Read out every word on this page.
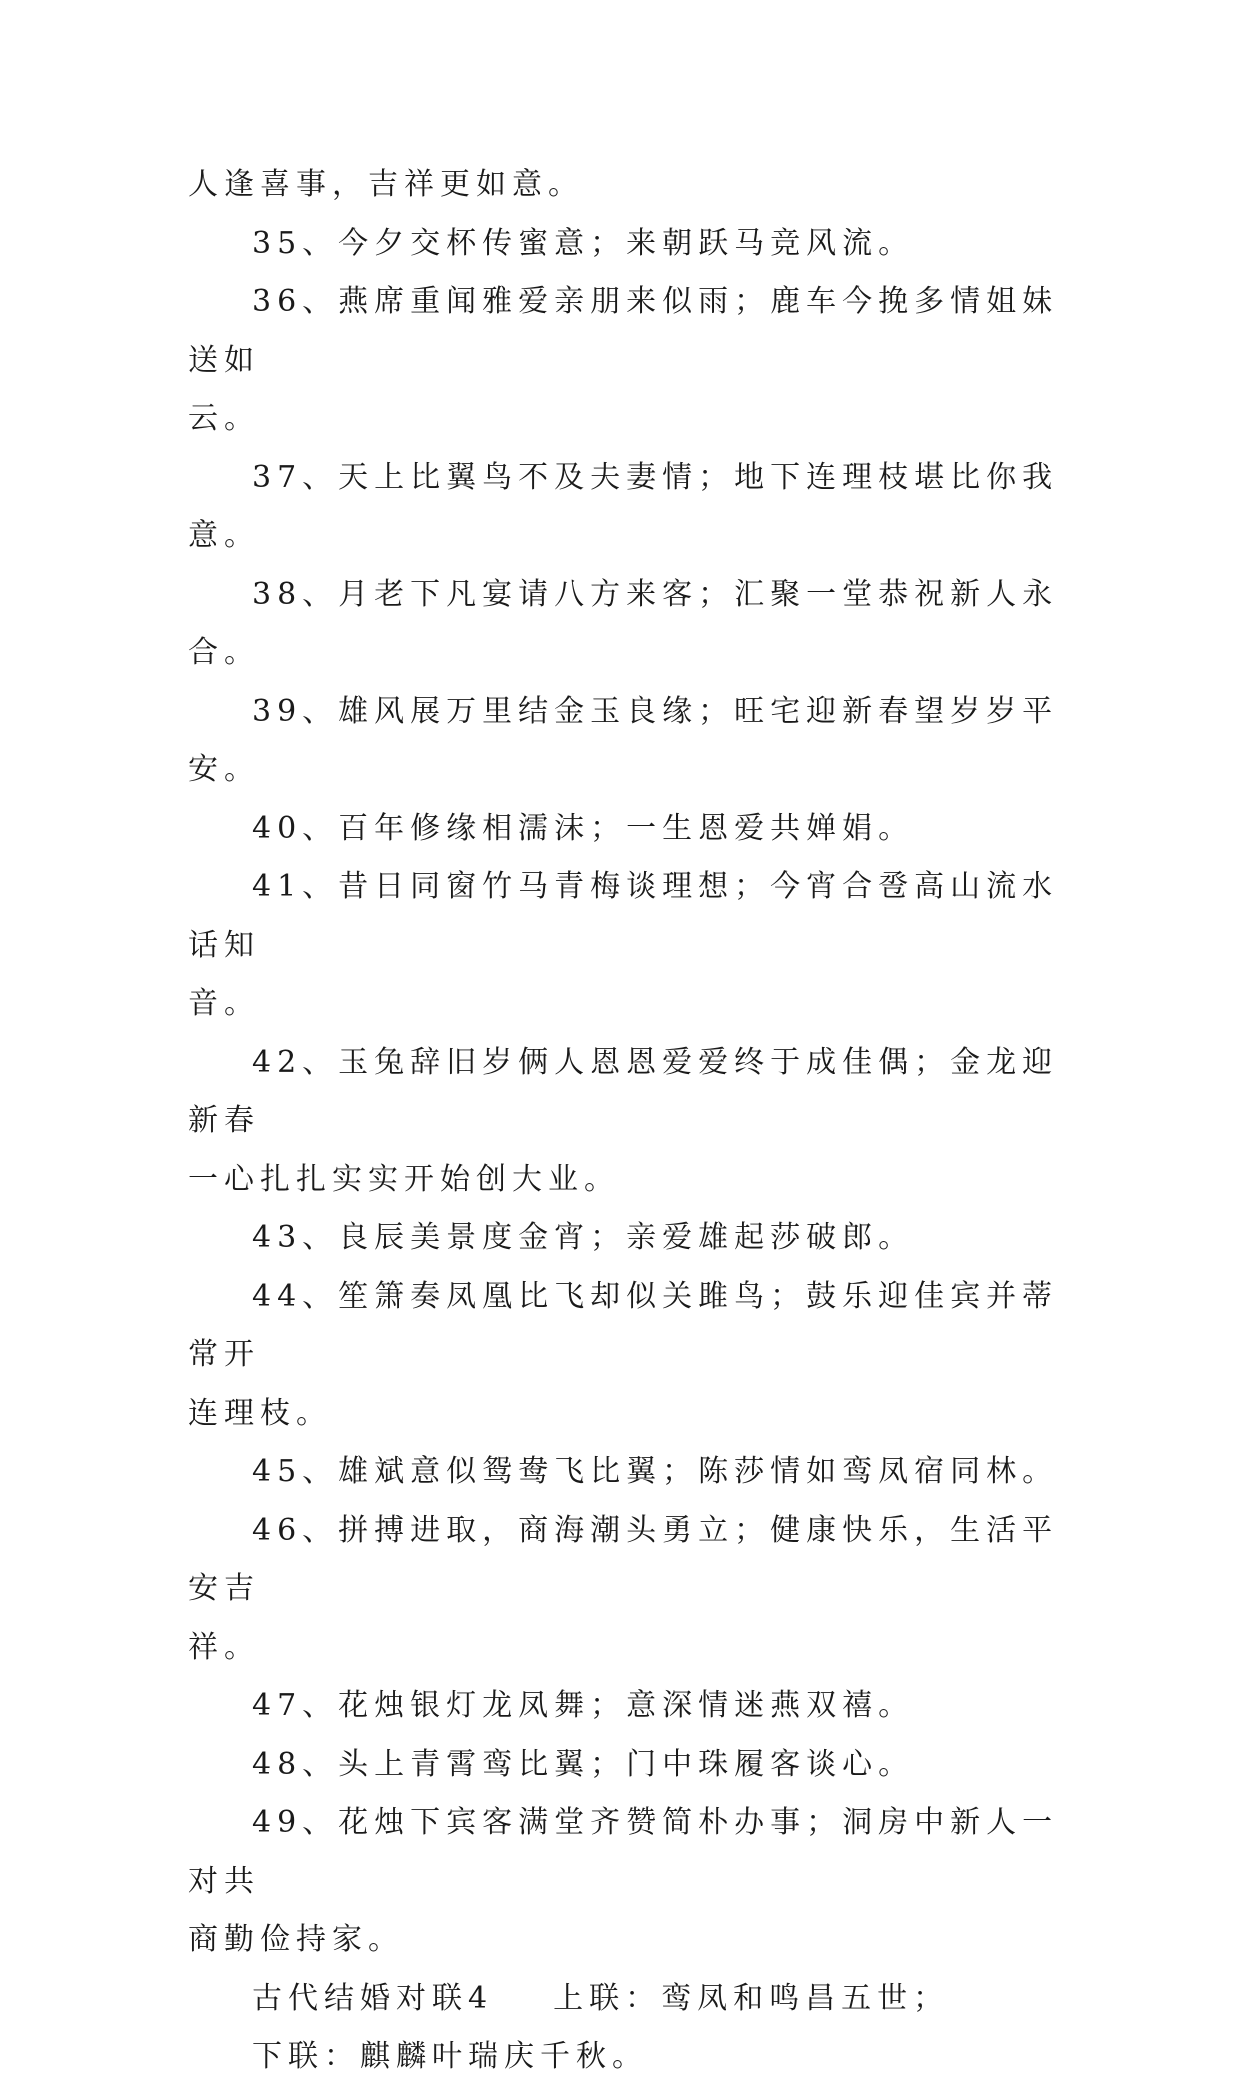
人逢喜事，吉祥更如意。
35、今夕交杯传蜜意；来朝跃马竞风流。
36、燕席重闻雅爱亲朋来似雨；鹿车今挽多情姐妹送如
云。
37、天上比翼鸟不及夫妻情；地下连理枝堪比你我意。
38、月老下凡宴请八方来客；汇聚一堂恭祝新人永合。
39、雄风展万里结金玉良缘；旺宅迎新春望岁岁平安。
40、百年修缘相濡沫；一生恩爱共婵娟。
41、昔日同窗竹马青梅谈理想；今宵合卺高山流水话知
音。
42、玉兔辞旧岁俩人恩恩爱爱终于成佳偶；金龙迎新春
一心扎扎实实开始创大业。
43、良辰美景度金宵；亲爱雄起莎破郎。
44、笙箫奏凤凰比飞却似关雎鸟；鼓乐迎佳宾并蒂常开
连理枝。
45、雄斌意似鸳鸯飞比翼；陈莎情如鸾凤宿同林。
46、拼搏进取，商海潮头勇立；健康快乐，生活平安吉
祥。
47、花烛银灯龙凤舞；意深情迷燕双禧。
48、头上青霄鸾比翼；门中珠履客谈心。
49、花烛下宾客满堂齐赞简朴办事；洞房中新人一对共
商勤俭持家。
古代结婚对联4 上联：鸾凤和鸣昌五世；
下联：麒麟叶瑞庆千秋。
